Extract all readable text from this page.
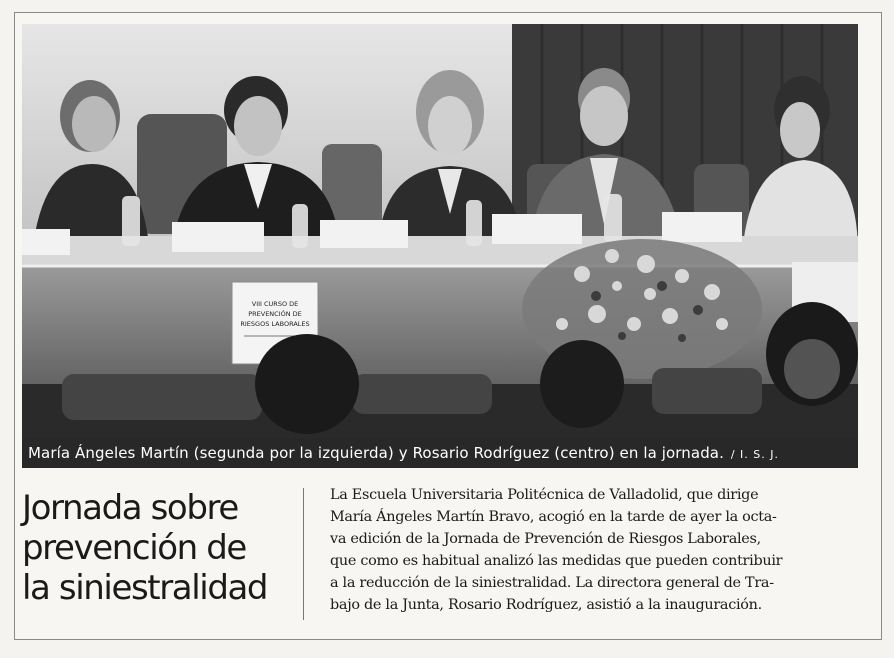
VIII CURSO DE
PREVENCIÓN DE
RIESGOS LABORALES
María Ángeles Martín (segunda por la izquierda) y Rosario Rodríguez (centro) en la jornada. / I. S. J.
Jornada sobre
prevención de
la siniestralidad
La Escuela Universitaria Politécnica de Valladolid, que dirige
María Ángeles Martín Bravo, acogió en la tarde de ayer la octa-
va edición de la Jornada de Prevención de Riesgos Laborales,
que como es habitual analizó las medidas que pueden contribuir
a la reducción de la siniestralidad. La directora general de Tra-
bajo de la Junta, Rosario Rodríguez, asistió a la inauguración.
